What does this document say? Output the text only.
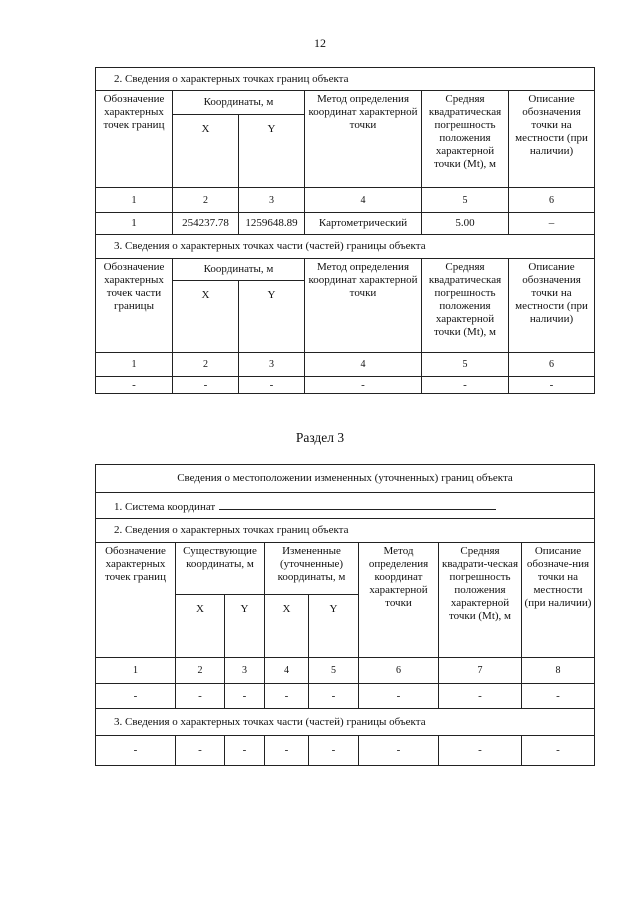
12
2. Сведения о характерных точках границ объекта					
Обозначение характерных точек границ	Координаты, м		Метод определения координат характерной точки	Средняя квадратическая погрешность положения характерной точки (Mt), м	Описание обозначения точки на местности (при наличии)
	X	Y			
1	2	3	4	5	6
1	254237.78	1259648.89	Картометрический	5.00	–
3. Сведения о характерных точках части (частей) границы объекта					
Обозначение характерных точек части границы	Координаты, м		Метод определения координат характерной точки	Средняя квадратическая погрешность положения характерной точки (Mt), м	Описание обозначения точки на местности (при наличии)
	X	Y			
1	2	3	4	5	6
-	-	-	-	-	-
Раздел 3
Сведения о местоположении измененных (уточненных) границ объекта							
1. Система координат							
2. Сведения о характерных точках границ объекта							
Обозначение характерных точек границ	Существующие координаты, м		Измененные (уточненные) координаты, м		Метод определения координат характерной точки	Средняя квадрати-ческая погрешность положения характерной точки (Mt), м	Описание обозначе-ния точки на местности (при наличии)
	X	Y	X	Y			
1	2	3	4	5	6	7	8
-	-	-	-	-	-	-	-
3. Сведения о характерных точках части (частей) границы объекта							
-	-	-	-	-	-	-	-
